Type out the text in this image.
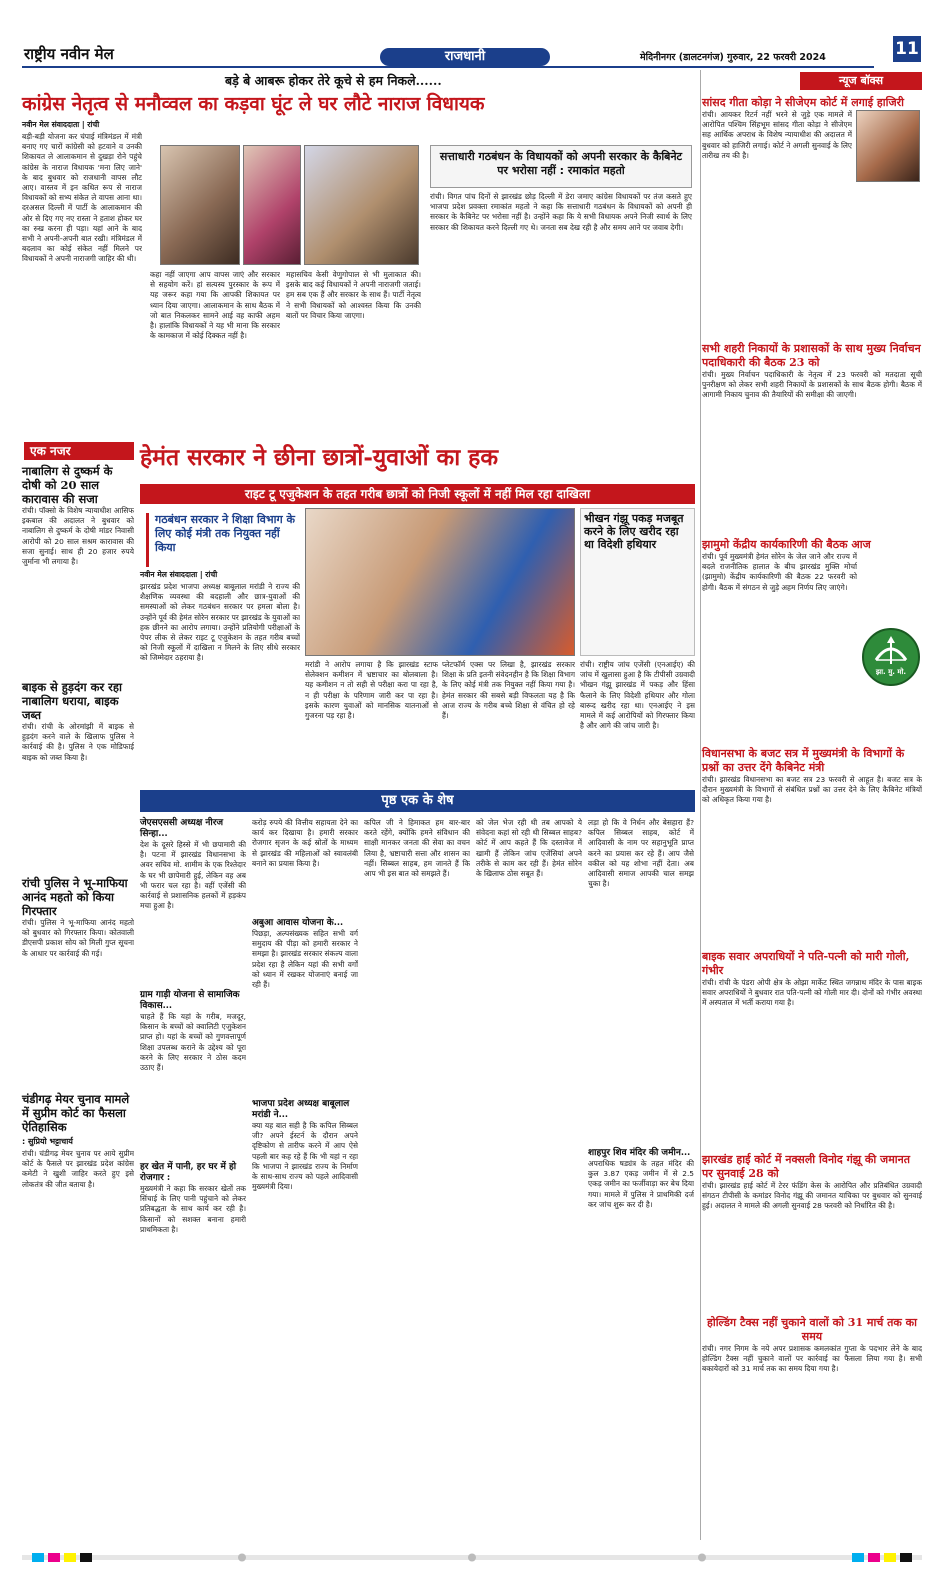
राष्ट्रीय नवीन मेल	राजधानी	मेदिनीनगर (डालटनगंज) गुरुवार, 22 फरवरी 2024	11
बड़े बे आबरू होकर तेरे कूचे से हम निकले......
कांग्रेस नेतृत्व से मनौव्वल का कड़वा घूंट ले घर लौटे नाराज विधायक
नवीन मेल संवाददाता | रांची

बड़ी-बड़ी योजना कर चंपाई मंत्रिमंडल में मंत्री बनाए गए चारों कांग्रेसी को हटवाने व उनकी शिकायत ले आलाकमान से दुखड़ा रोने पहुंचे कांग्रेस के नाराज विधायक 'मना लिए जाने' के बाद बुधवार को राजधानी वापस लौट आए। वास्तव में इन कथित रूप से नाराज विधायकों को सभ्य संकेत ले वापस आना था। दरअसल दिल्ली में पार्टी के आलाकमान की ओर से दिए गए नए रास्ता ने हताश होकर घर का रुख करना ही पड़ा। यहां आने के बाद सभी ने अपनी-अपनी बात रखी। मंत्रिमंडल में बदलाव का कोई संकेत नहीं मिलने पर विधायकों ने अपनी नाराजगी जाहिर की थी।

कहा नहीं जाएगा आप वापस जाएं और सरकार से सहयोग करें। हां सत्यस्य पुरस्कार के रूप में यह जरूर कहा गया कि आपकी शिकायत पर ध्यान दिया जाएगा। आलाकमान के साथ बैठक में जो बात निकलकर सामने आई वह काफी अहम है। हालांकि विधायकों ने यह भी माना कि सरकार के कामकाज में कोई दिक्कत नहीं है।

महासचिव केसी वेणुगोपाल से भी मुलाकात की। इसके बाद कई विधायकों ने अपनी नाराजगी जताई। हम सब एक हैं और सरकार के साथ हैं। पार्टी नेतृत्व ने सभी विधायकों को आश्वस्त किया कि उनकी बातों पर विचार किया जाएगा।

सत्ताधारी गठबंधन के विधायकों को अपनी सरकार के कैबिनेट पर भरोसा नहीं : रमाकांत महतो

रांची। विगत पांच दिनों से झारखंड छोड़ दिल्ली में डेरा जमाए कांग्रेस विधायकों पर तंज कसते हुए भाजपा प्रदेश प्रवक्ता रमाकांत महतो ने कहा कि सत्ताधारी गठबंधन के विधायकों को अपनी ही सरकार के कैबिनेट पर भरोसा नहीं है। उन्होंने कहा कि ये सभी विधायक अपने निजी स्वार्थ के लिए सरकार की शिकायत करने दिल्ली गए थे। जनता सब देख रही है और समय आने पर जवाब देगी।

एक नजर
नाबालिग से दुष्कर्म के दोषी को 20 साल कारावास की सजा

रांची। पॉक्सो के विशेष न्यायाधीश आसिफ इकबाल की अदालत ने बुधवार को नाबालिग से दुष्कर्म के दोषी मांडर निवासी आरोपी को 20 साल सश्रम कारावास की सजा सुनाई। साथ ही 20 हजार रुपये जुर्माना भी लगाया है।

बाइक से हुड़दंग कर रहा नाबालिग धराया, बाइक जब्त

रांची। रांची के ओरमांझी में बाइक से हुड़दंग करने वाले के खिलाफ पुलिस ने कार्रवाई की है। पुलिस ने एक मोडिफाई बाइक को जब्त किया है।

रांची पुलिस ने भू-माफिया आनंद महतो को किया गिरफ्तार

रांची। पुलिस ने भू-माफिया आनंद महतो को बुधवार को गिरफ्तार किया। कोतवाली डीएसपी प्रकाश सोय को मिली गुप्त सूचना के आधार पर कार्रवाई की गई।

चंडीगढ़ मेयर चुनाव मामले में सुप्रीम कोर्ट का फैसला ऐतिहासिक
: सुप्रियो भट्टाचार्य

रांची। चंडीगढ़ मेयर चुनाव पर आये सुप्रीम कोर्ट के फैसले पर झारखंड प्रदेश कांग्रेस कमेटी ने खुशी जाहिर करते हुए इसे लोकतंत्र की जीत बताया है।

हेमंत सरकार ने छीना छात्रों-युवाओं का हक
राइट टू एजुकेशन के तहत गरीब छात्रों को निजी स्कूलों में नहीं मिल रहा दाखिला
गठबंधन सरकार ने शिक्षा विभाग के लिए कोई मंत्री तक नियुक्त नहीं किया
भीखन गंझू पकड़ मजबूत करने के लिए खरीद रहा था विदेशी हथियार

रांची। राष्ट्रीय जांच एजेंसी (एनआईए) की जांच में खुलासा हुआ है कि टीपीसी उग्रवादी भीखन गंझू झारखंड में पकड़ और हिंसा फैलाने के लिए विदेशी हथियार और गोला बारूद खरीद रहा था। एनआईए ने इस मामले में कई आरोपियों को गिरफ्तार किया है और आगे की जांच जारी है।

नवीन मेल संवाददाता | रांची

झारखंड प्रदेश भाजपा अध्यक्ष बाबूलाल मरांडी ने राज्य की शैक्षणिक व्यवस्था की बदहाली और छात्र-युवाओं की समस्याओं को लेकर गठबंधन सरकार पर हमला बोला है। उन्होंने पूर्व की हेमंत सोरेन सरकार पर झारखंड के युवाओं का हक छीनने का आरोप लगाया। उन्होंने प्रतियोगी परीक्षाओं के पेपर लीक से लेकर राइट टू एजुकेशन के तहत गरीब बच्चों को निजी स्कूलों में दाखिला न मिलने के लिए सीधे सरकार को जिम्मेदार ठहराया है।

मरांडी ने आरोप लगाया है कि झारखंड स्टाफ सेलेक्शन कमीशन में भ्रष्टाचार का बोलबाला है। यह कमीशन न तो सही से परीक्षा करा पा रहा है, न ही परीक्षा के परिणाम जारी कर पा रहा है। इसके कारण युवाओं को मानसिक यातनाओं से गुजरना पड़ रहा है।

प्लेटफॉर्म एक्स पर लिखा है, झारखंड सरकार शिक्षा के प्रति इतनी संवेदनहीन है कि शिक्षा विभाग के लिए कोई मंत्री तक नियुक्त नहीं किया गया है। हेमंत सरकार की सबसे बड़ी विफलता यह है कि आज राज्य के गरीब बच्चे शिक्षा से वंचित हो रहे हैं।

पृष्ठ एक के शेष
जेएसएससी अध्यक्ष नीरज सिन्हा...

देश के दूसरे हिस्से में भी छपामारी की है। पटना में झारखंड विधानसभा के अवर सचिव मो. शामीम के एक रिश्तेदार के घर भी छापेमारी हुई, लेकिन वह अब भी फरार चल रहा है। वहीं एजेंसी की कार्रवाई से प्रशासनिक हलकों में हड़कंप मचा हुआ है।

ग्राम गाड़ी योजना से सामाजिक विकास...

चाहते हैं कि यहां के गरीब, मजदूर, किसान के बच्चों को क्वालिटी एजुकेशन प्राप्त हो। यहां के बच्चों को गुणवत्तापूर्ण शिक्षा उपलब्ध कराने के उद्देश्य को पूरा करने के लिए सरकार ने ठोस कदम उठाए हैं।

हर खेत में पानी, हर घर में हो रोजगार :

मुख्यमंत्री ने कहा कि सरकार खेतों तक सिंचाई के लिए पानी पहुंचाने को लेकर प्रतिबद्धता के साथ कार्य कर रही है। किसानों को सशक्त बनाना हमारी प्राथमिकता है।

करोड़ रुपये की वित्तीय सहायता देने का कार्य कर दिखाया है। हमारी सरकार रोजगार सृजन के कई स्रोतों के माध्यम से झारखंड की महिलाओं को स्वावलंबी बनाने का प्रयास किया है।

अबुआ आवास योजना के...

पिछड़ा, अल्पसंख्यक सहित सभी वर्ग समुदाय की पीड़ा को हमारी सरकार ने समझा है। झारखंड सरकार संकल्प वाला प्रदेश रहा है लेकिन यहां की सभी वर्गों को ध्यान में रखकर योजनाएं बनाई जा रही हैं।

भाजपा प्रदेश अध्यक्ष बाबूलाल मरांडी ने...

क्या यह बात सही है कि कपिल सिब्बल जी? अपने ईस्टर्न के दौरान अपने दृष्टिकोण से तारीफ करने में आप ऐसे पहली बार कह रहे हैं कि भी यहां न रहा कि भाजपा ने झारखंड राज्य के निर्माण के साथ-साथ राज्य को पहले आदिवासी मुख्यमंत्री दिया।

कपिल जी ने हिमाकत हम बार-बार करते रहेंगे, क्योंकि हमने संविधान की साक्षी मानकर जनता की सेवा का वचन लिया है, भ्रष्टाचारी सत्ता और शासन का नहीं। सिब्बल साहब, हम जानते हैं कि आप भी इस बात को समझते हैं।

को जेल भेज रही थी तब आपको ये संवेदना कहां सो रही थी सिब्बल साहब? कोर्ट में आप कहते हैं कि दस्तावेज में खामी हैं लेकिन जांच एजेंसियां अपने तरीके से काम कर रही हैं। हेमंत सोरेन के खिलाफ ठोस सबूत हैं।

लड़ा हो कि वे निर्धन और बेसहारा हैं? कपिल सिब्बल साहब, कोर्ट में आदिवासी के नाम पर सहानुभूति प्राप्त करने का प्रयास कर रहे हैं। आप जैसे वकील को यह शोभा नहीं देता। अब आदिवासी समाज आपकी चाल समझ चुका है।

शाहपुर शिव मंदिर की जमीन...

अपराधिक षड्यंत्र के तहत मंदिर की कुल 3.87 एकड़ जमीन में से 2.5 एकड़ जमीन का फर्जीवाड़ा कर बेच दिया गया। मामले में पुलिस ने प्राथमिकी दर्ज कर जांच शुरू कर दी है।

न्यूज बॉक्स
सांसद गीता कोड़ा ने सीजेएम कोर्ट में लगाई हाजिरी

रांची। आयकर रिटर्न नहीं भरने से जुड़े एक मामले में आरोपित पश्चिम सिंहभूम सांसद गीता कोड़ा ने सीजेएम सह आर्थिक अपराध के विशेष न्यायाधीश की अदालत में बुधवार को हाजिरी लगाई। कोर्ट ने अगली सुनवाई के लिए तारीख तय की है।

सभी शहरी निकायों के प्रशासकों के साथ मुख्य निर्वाचन पदाधिकारी की बैठक 23 को

रांची। मुख्य निर्वाचन पदाधिकारी के नेतृत्व में 23 फरवरी को मतदाता सूची पुनरीक्षण को लेकर सभी शहरी निकायों के प्रशासकों के साथ बैठक होगी। बैठक में आगामी निकाय चुनाव की तैयारियों की समीक्षा की जाएगी।

झामुमो केंद्रीय कार्यकारिणी की बैठक आज

रांची। पूर्व मुख्यमंत्री हेमंत सोरेन के जेल जाने और राज्य में बदले राजनीतिक हालात के बीच झारखंड मुक्ति मोर्चा (झामुमो) केंद्रीय कार्यकारिणी की बैठक 22 फरवरी को होगी। बैठक में संगठन से जुड़े अहम निर्णय लिए जाएंगे।

विधानसभा के बजट सत्र में मुख्यमंत्री के विभागों के प्रश्नों का उत्तर देंगे कैबिनेट मंत्री

रांची। झारखंड विधानसभा का बजट सत्र 23 फरवरी से आहूत है। बजट सत्र के दौरान मुख्यमंत्री के विभागों से संबंधित प्रश्नों का उत्तर देने के लिए कैबिनेट मंत्रियों को अधिकृत किया गया है।

बाइक सवार अपराधियों ने पति-पत्नी को मारी गोली, गंभीर

रांची। रांची के पंडरा ओपी क्षेत्र के ओझा मार्केट स्थित जगन्नाथ मंदिर के पास बाइक सवार अपराधियों ने बुधवार रात पति-पत्नी को गोली मार दी। दोनों को गंभीर अवस्था में अस्पताल में भर्ती कराया गया है।

झारखंड हाई कोर्ट में नक्सली विनोद गंझू की जमानत पर सुनवाई 28 को

रांची। झारखंड हाई कोर्ट में टेरर फंडिंग केस के आरोपित और प्रतिबंधित उग्रवादी संगठन टीपीसी के कमांडर विनोद गंझू की जमानत याचिका पर बुधवार को सुनवाई हुई। अदालत ने मामले की अगली सुनवाई 28 फरवरी को निर्धारित की है।

होल्डिंग टैक्स नहीं चुकाने वालों को 31 मार्च तक का समय

रांची। नगर निगम के नये अपर प्रशासक कमलकांत गुप्ता के पदभार लेने के बाद होल्डिंग टैक्स नहीं चुकाने वालों पर कार्रवाई का फैसला लिया गया है। सभी बकायेदारों को 31 मार्च तक का समय दिया गया है।

झा. मु. मो.
